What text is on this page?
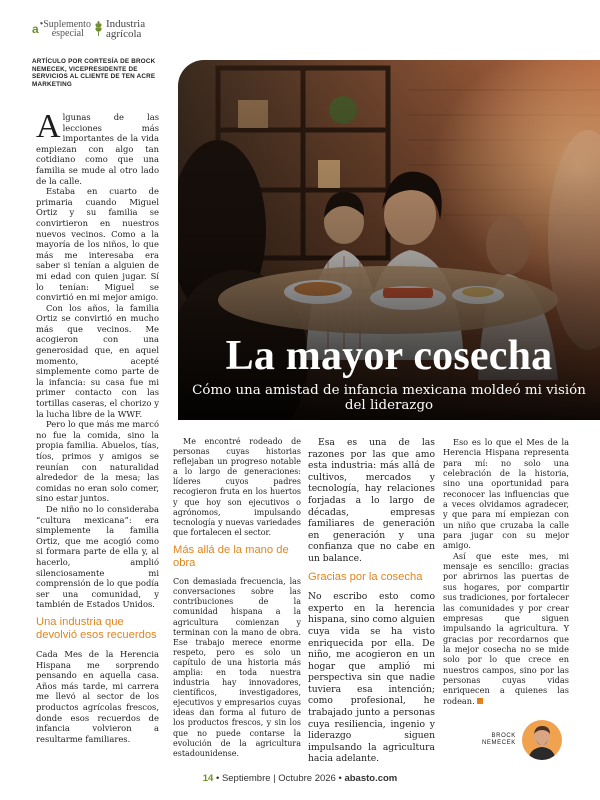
a •Suplemento
especial
Industria
agrícola
ARTÍCULO POR CORTESÍA DE BROCK NEMECEK, VICEPRESIDENTE DE SERVICIOS AL CLIENTE DE TEN ACRE MARKETING
La mayor cosecha
Cómo una amistad de infancia mexicana moldeó mi visión del liderazgo

Algunas de las lecciones más importantes de la vida empiezan con algo tan cotidiano como que una familia se mude al otro lado de la calle.

Estaba en cuarto de primaria cuando Miguel Ortiz y su familia se convirtieron en nuestros nuevos vecinos. Como a la mayoría de los niños, lo que más me interesaba era saber si tenían a alguien de mi edad con quien jugar. Sí lo tenían: Miguel se convirtió en mi mejor amigo.

Con los años, la familia Ortiz se convirtió en mucho más que vecinos. Me acogieron con una generosidad que, en aquel momento, acepté simplemente como parte de la infancia: su casa fue mi primer contacto con las tortillas caseras, el chorizo y la lucha libre de la WWF.

Pero lo que más me marcó no fue la comida, sino la propia familia. Abuelos, tías, tíos, primos y amigos se reunían con naturalidad alrededor de la mesa; las comidas no eran solo comer, sino estar juntos.

De niño no lo consideraba “cultura mexicana”: era simplemente la familia Ortiz, que me acogió como si formara parte de ella y, al hacerlo, amplió silenciosamente mi comprensión de lo que podía ser una comunidad, y también de Estados Unidos.

Una industria que devolvió esos recuerdos

Cada Mes de la Herencia Hispana me sorprendo pensando en aquella casa. Años más tarde, mi carrera me llevó al sector de los productos agrícolas frescos, donde esos recuerdos de infancia volvieron a resultarme familiares.

Me encontré rodeado de personas cuyas historias reflejaban un progreso notable a lo largo de generaciones: líderes cuyos padres recogieron fruta en los huertos y que hoy son ejecutivos o agrónomos, impulsando tecnología y nuevas variedades que fortalecen el sector.

Más allá de la mano de obra

Con demasiada frecuencia, las conversaciones sobre las contribuciones de la comunidad hispana a la agricultura comienzan y terminan con la mano de obra. Ese trabajo merece enorme respeto, pero es solo un capítulo de una historia más amplia: en toda nuestra industria hay innovadores, científicos, investigadores, ejecutivos y empresarios cuyas ideas dan forma al futuro de los productos frescos, y sin los que no puede contarse la evolución de la agricultura estadounidense.

Esa es una de las razones por las que amo esta industria: más allá de cultivos, mercados y tecnología, hay relaciones forjadas a lo largo de décadas, empresas familiares de generación en generación y una confianza que no cabe en un balance.

Gracias por la cosecha

No escribo esto como experto en la herencia hispana, sino como alguien cuya vida se ha visto enriquecida por ella. De niño, me acogieron en un hogar que amplió mi perspectiva sin que nadie tuviera esa intención; como profesional, he trabajado junto a personas cuya resiliencia, ingenio y liderazgo siguen impulsando la agricultura hacia adelante.

Eso es lo que el Mes de la Herencia Hispana representa para mí: no solo una celebración de la historia, sino una oportunidad para reconocer las influencias que a veces olvidamos agradecer, y que para mí empiezan con un niño que cruzaba la calle para jugar con su mejor amigo.

Así que este mes, mi mensaje es sencillo: gracias por abrirnos las puertas de sus hogares, por compartir sus tradiciones, por fortalecer las comunidades y por crear empresas que siguen impulsando la agricultura. Y gracias por recordarnos que la mejor cosecha no se mide solo por lo que crece en nuestros campos, sino por las personas cuyas vidas enriquecen a quienes las rodean.

BROCK
NEMECEK
14 • Septiembre | Octubre 2026 • abasto.com
